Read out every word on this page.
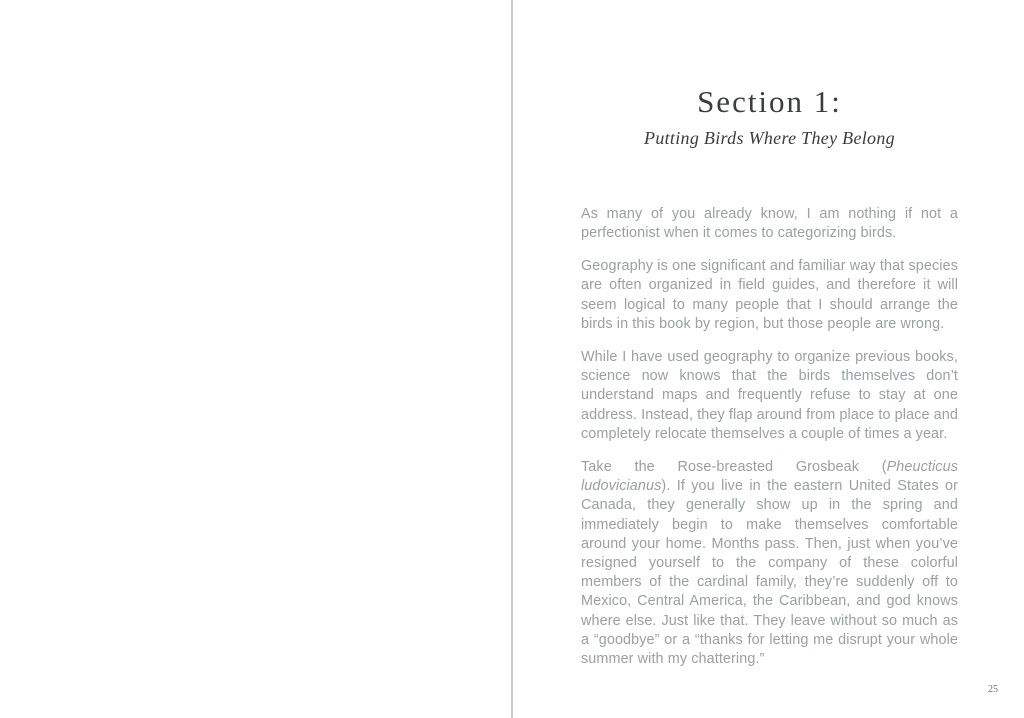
Section 1:
Putting Birds Where They Belong

As many of you already know, I am nothing if not a perfectionist when it comes to categorizing birds.

Geography is one significant and familiar way that species are often organized in field guides, and therefore it will seem logical to many people that I should arrange the birds in this book by region, but those people are wrong.

While I have used geography to organize previous books, science now knows that the birds themselves don’t understand maps and frequently refuse to stay at one address. Instead, they flap around from place to place and completely relocate themselves a couple of times a year.

Take the Rose-breasted Grosbeak (Pheucticus ludovicianus). If you live in the eastern United States or Canada, they generally show up in the spring and immediately begin to make themselves comfortable around your home. Months pass. Then, just when you’ve resigned yourself to the company of these colorful members of the cardinal family, they’re suddenly off to Mexico, Central America, the Caribbean, and god knows where else. Just like that. They leave without so much as a “goodbye” or a “thanks for letting me disrupt your whole summer with my chattering.”

25
